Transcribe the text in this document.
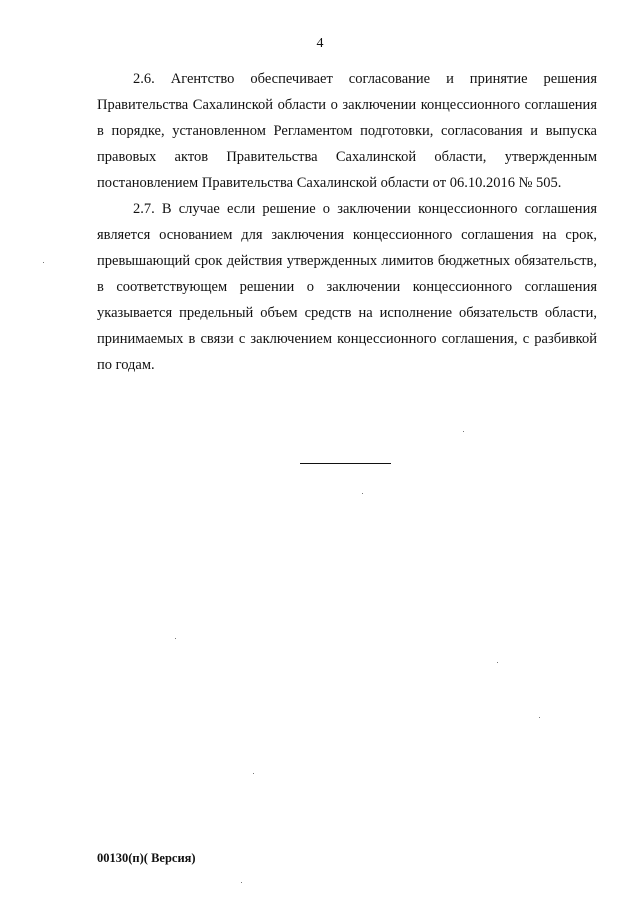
4

2.6. Агентство обеспечивает согласование и принятие решения Правительства Сахалинской области о заключении концессионного соглашения в порядке, установленном Регламентом подготовки, согласования и выпуска правовых актов Правительства Сахалинской области, утвержденным постановлением Правительства Сахалинской области от 06.10.2016 № 505.

2.7. В случае если решение о заключении концессионного соглашения является основанием для заключения концессионного соглашения на срок, превышающий срок действия утвержденных лимитов бюджетных обязательств, в соответствующем решении о заключении концессионного соглашения указывается предельный объем средств на исполнение обязательств области, принимаемых в связи с заключением концессионного соглашения, с разбивкой по годам.

00130(п)( Версия)
